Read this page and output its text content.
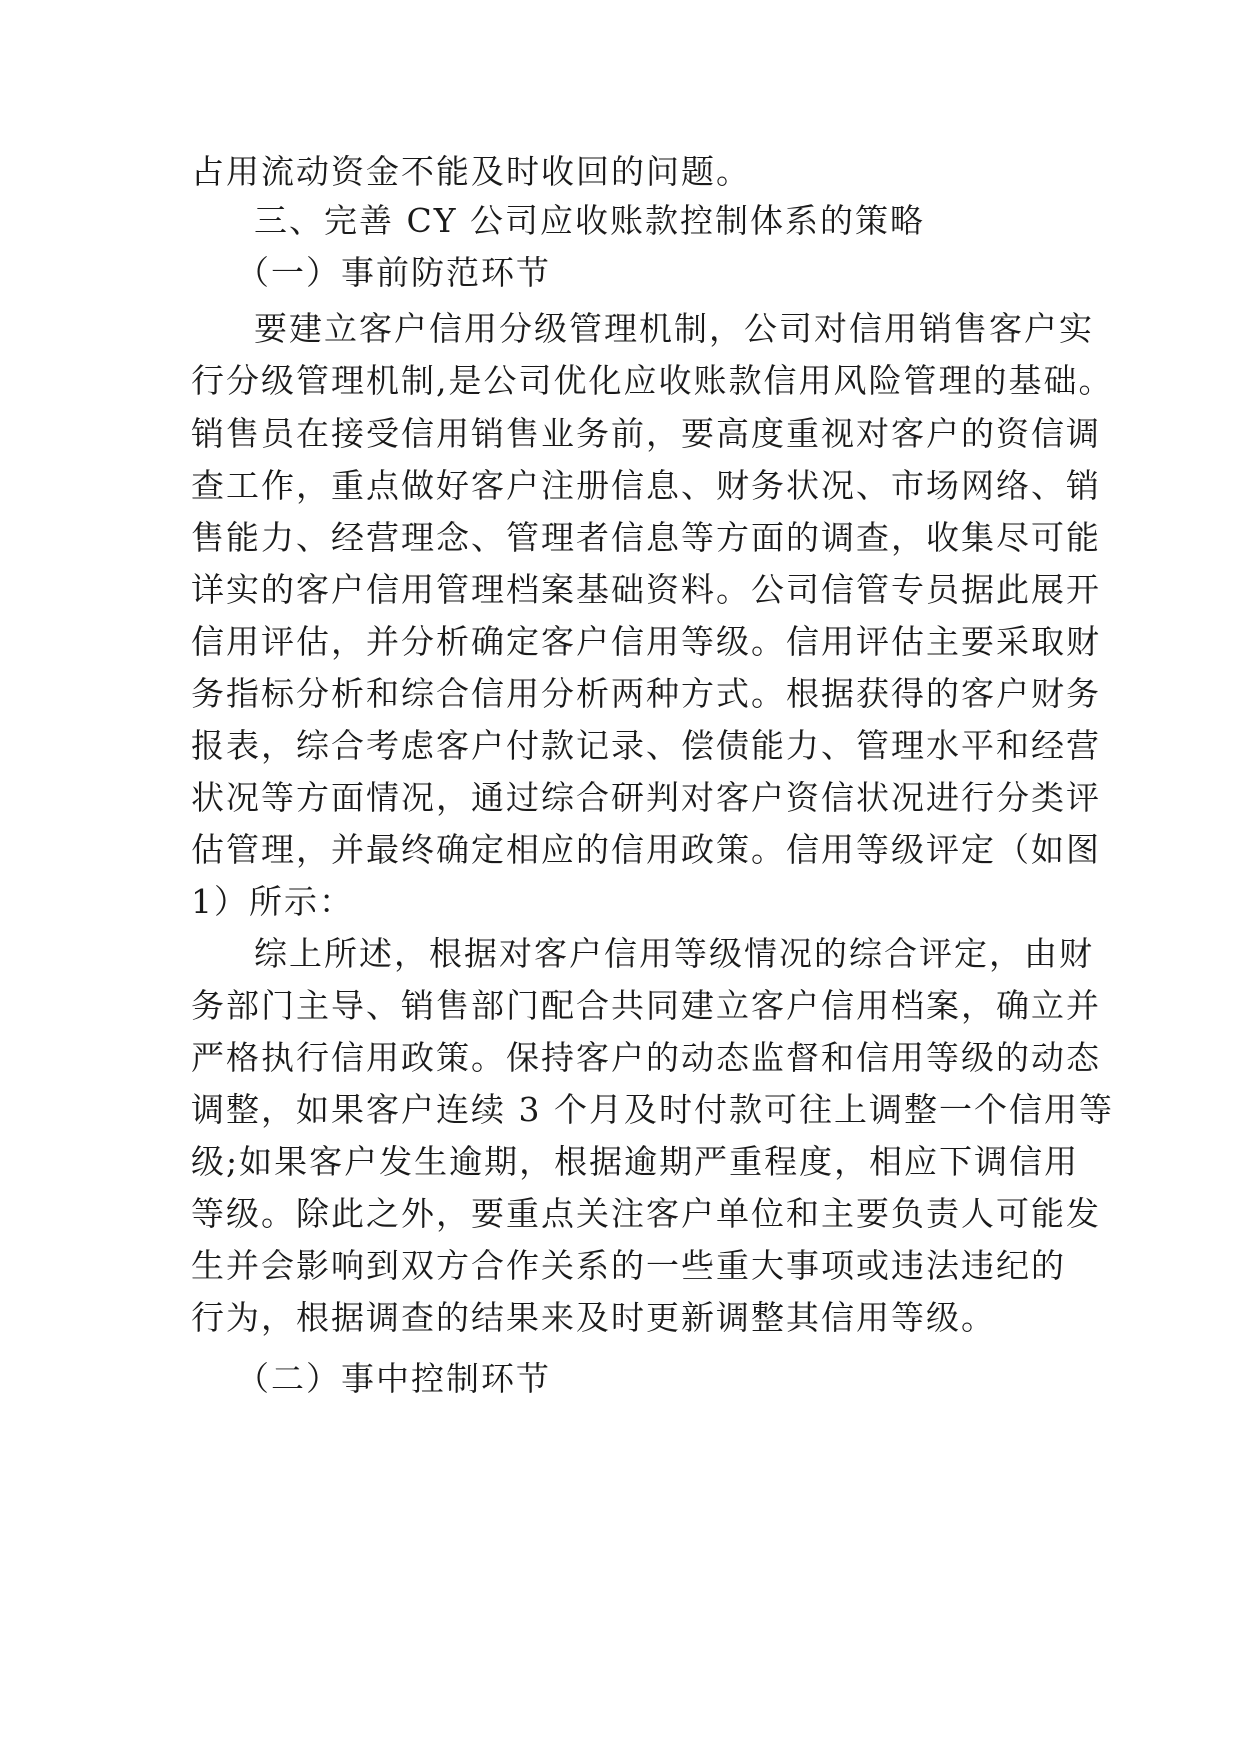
占用流动资金不能及时收回的问题。
三、完善 CY 公司应收账款控制体系的策略
（一）事前防范环节
要建立客户信用分级管理机制，公司对信用销售客户实
行分级管理机制,是公司优化应收账款信用风险管理的基础。
销售员在接受信用销售业务前，要高度重视对客户的资信调
查工作，重点做好客户注册信息、财务状况、市场网络、销
售能力、经营理念、管理者信息等方面的调查，收集尽可能
详实的客户信用管理档案基础资料。公司信管专员据此展开
信用评估，并分析确定客户信用等级。信用评估主要采取财
务指标分析和综合信用分析两种方式。根据获得的客户财务
报表，综合考虑客户付款记录、偿债能力、管理水平和经营
状况等方面情况，通过综合研判对客户资信状况进行分类评
估管理，并最终确定相应的信用政策。信用等级评定（如图
1）所示：
综上所述，根据对客户信用等级情况的综合评定，由财
务部门主导、销售部门配合共同建立客户信用档案，确立并
严格执行信用政策。保持客户的动态监督和信用等级的动态
调整，如果客户连续 3 个月及时付款可往上调整一个信用等
级;如果客户发生逾期，根据逾期严重程度，相应下调信用
等级。除此之外，要重点关注客户单位和主要负责人可能发
生并会影响到双方合作关系的一些重大事项或违法违纪的
行为，根据调查的结果来及时更新调整其信用等级。
（二）事中控制环节
